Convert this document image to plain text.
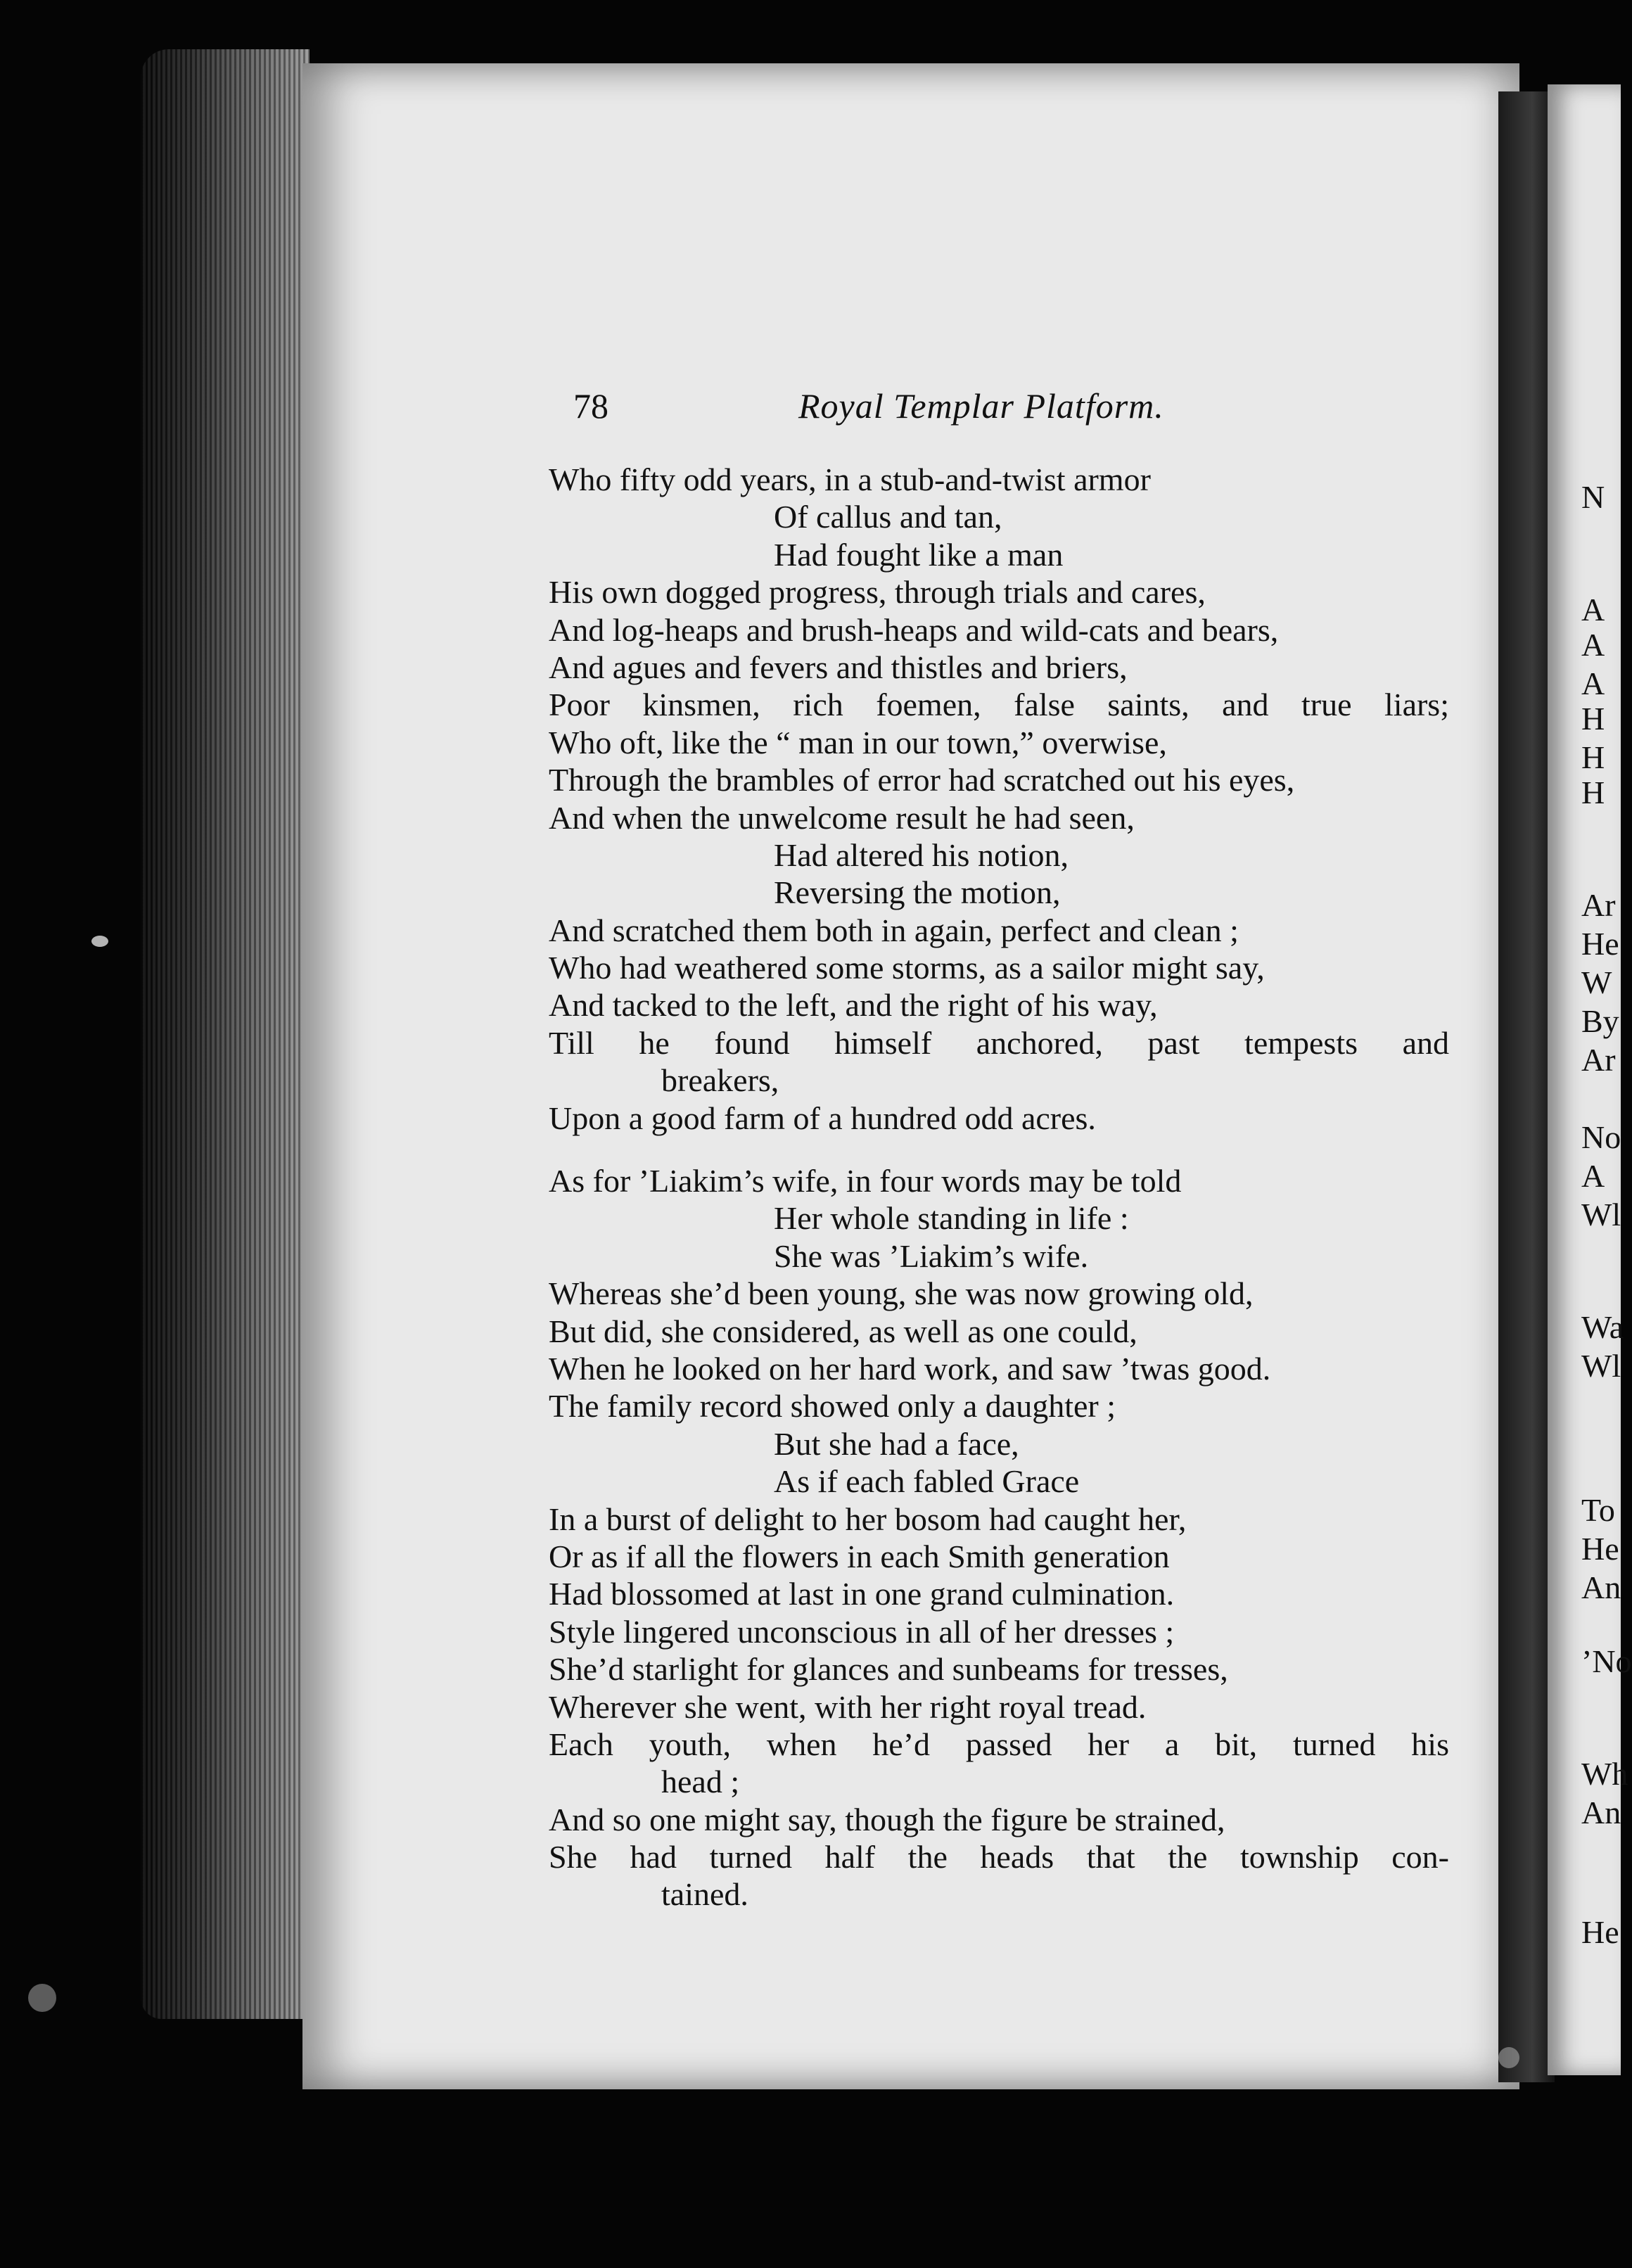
N
A
A
A
H
H
H
Ar
He
W
By
Ar
No
A
Wl
Wa
Wl
To
He
An
’No
Wh
An
He
78	Royal Templar Platform.
Who fifty odd years, in a stub-and-twist armor
Of callus and tan,
Had fought like a man
His own dogged progress, through trials and cares,
And log-heaps and brush-heaps and wild-cats and bears,
And agues and fevers and thistles and briers,
Poor kinsmen, rich foemen, false saints, and true liars;
Who oft, like the “ man in our town,” overwise,
Through the brambles of error had scratched out his eyes,
And when the unwelcome result he had seen,
Had altered his notion,
Reversing the motion,
And scratched them both in again, perfect and clean ;
Who had weathered some storms, as a sailor might say,
And tacked to the left, and the right of his way,
Till he found himself anchored, past tempests and
breakers,
Upon a good farm of a hundred odd acres.
As for ’Liakim’s wife, in four words may be told
Her whole standing in life :
She was ’Liakim’s wife.
Whereas she’d been young, she was now growing old,
But did, she considered, as well as one could,
When he looked on her hard work, and saw ’twas good.
The family record showed only a daughter ;
But she had a face,
As if each fabled Grace
In a burst of delight to her bosom had caught her,
Or as if all the flowers in each Smith generation
Had blossomed at last in one grand culmination.
Style lingered unconscious in all of her dresses ;
She’d starlight for glances and sunbeams for tresses,
Wherever she went, with her right royal tread.
Each youth, when he’d passed her a bit, turned his
head ;
And so one might say, though the figure be strained,
She had turned half the heads that the township con-
tained.
